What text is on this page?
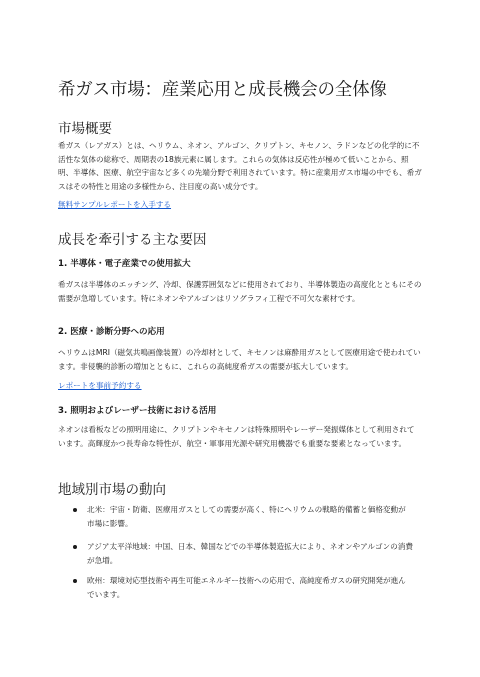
希ガス市場：産業応用と成長機会の全体像
市場概要

希ガス（レアガス）とは、ヘリウム、ネオン、アルゴン、クリプトン、キセノン、ラドンなどの化学的に不活性な気体の総称で、周期表の18族元素に属します。これらの気体は反応性が極めて低いことから、照明、半導体、医療、航空宇宙など多くの先端分野で利用されています。特に産業用ガス市場の中でも、希ガスはその特性と用途の多様性から、注目度の高い成分です。

無料サンプルレポートを入手する
成長を牽引する主な要因
1. 半導体・電子産業での使用拡大

希ガスは半導体のエッチング、冷却、保護雰囲気などに使用されており、半導体製造の高度化とともにその需要が急増しています。特にネオンやアルゴンはリソグラフィ工程で不可欠な素材です。

2. 医療・診断分野への応用

ヘリウムはMRI（磁気共鳴画像装置）の冷却材として、キセノンは麻酔用ガスとして医療用途で使われています。非侵襲的診断の増加とともに、これらの高純度希ガスの需要が拡大しています。

レポートを事前予約する
3. 照明およびレーザー技術における活用

ネオンは看板などの照明用途に、クリプトンやキセノンは特殊照明やレーザー発振媒体として利用されています。高輝度かつ長寿命な特性が、航空・軍事用光源や研究用機器でも重要な要素となっています。

地域別市場の動向
北米：宇宙・防衛、医療用ガスとしての需要が高く、特にヘリウムの戦略的備蓄と価格変動が市場に影響。
アジア太平洋地域：中国、日本、韓国などでの半導体製造拡大により、ネオンやアルゴンの消費が急増。
欧州：環境対応型技術や再生可能エネルギー技術への応用で、高純度希ガスの研究開発が進んでいます。
